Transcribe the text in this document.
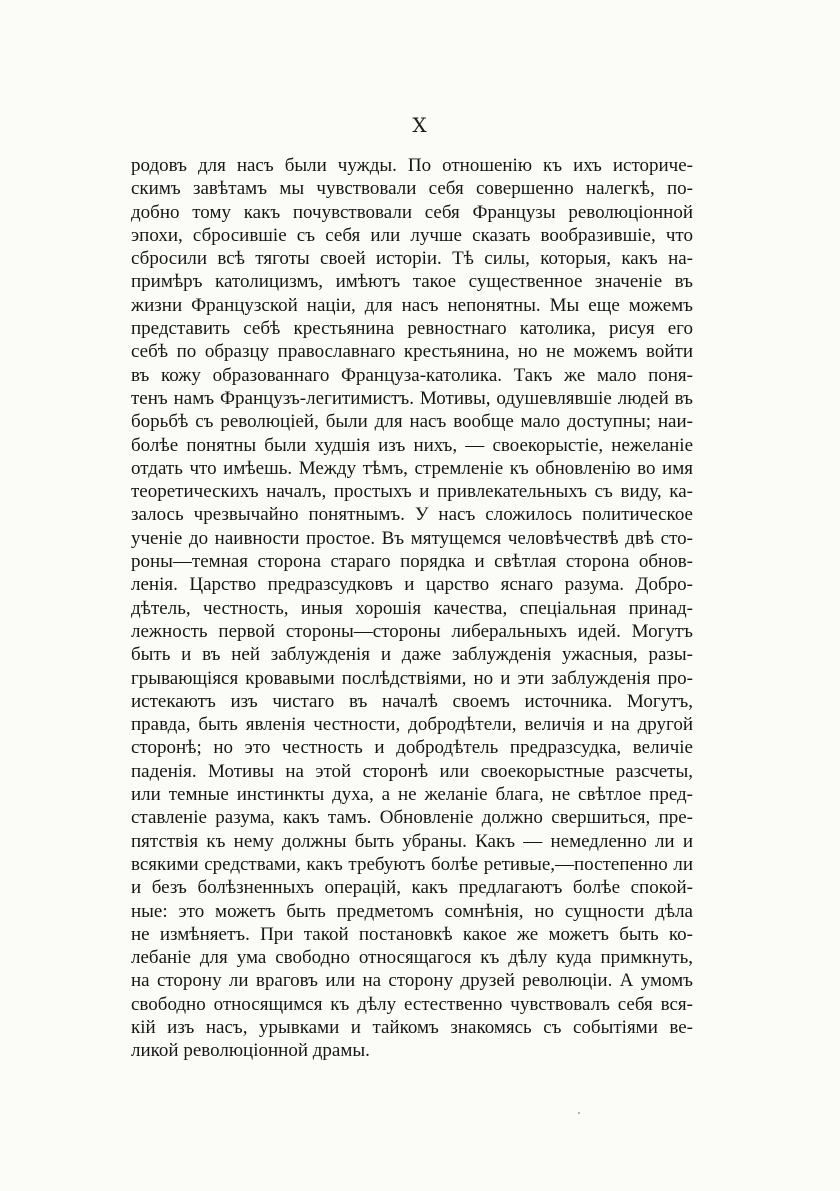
X
родовъ для насъ были чужды. По отношенію къ ихъ историче-
скимъ завѣтамъ мы чувствовали себя совершенно налегкѣ, по-
добно тому какъ почувствовали себя Французы революціонной
эпохи, сбросившіе съ себя или лучше сказать вообразившіе, что
сбросили всѣ тяготы своей исторіи. Тѣ силы, которыя, какъ на-
примѣръ католицизмъ, имѣютъ такое существенное значеніе въ
жизни Французской націи, для насъ непонятны. Мы еще можемъ
представить себѣ крестьянина ревностнаго католика, рисуя его
себѣ по образцу православнаго крестьянина, но не можемъ войти
въ кожу образованнаго Француза-католика. Такъ же мало поня-
тенъ намъ Французъ-легитимистъ. Мотивы, одушевлявшіе людей въ
борьбѣ съ революціей, были для насъ вообще мало доступны; наи-
болѣе понятны были худшія изъ нихъ, — своекорыстіе, нежеланіе
отдать что имѣешь. Между тѣмъ, стремленіе къ обновленію во имя
теоретическихъ началъ, простыхъ и привлекательныхъ съ виду, ка-
залось чрезвычайно понятнымъ. У насъ сложилось политическое
ученіе до наивности простое. Въ мятущемся человѣчествѣ двѣ сто-
роны—темная сторона стараго порядка и свѣтлая сторона обнов-
ленія. Царство предразсудковъ и царство яснаго разума. Добро-
дѣтель, честность, иныя хорошія качества, спеціальная принад-
лежность первой стороны—стороны либеральныхъ идей. Могутъ
быть и въ ней заблужденія и даже заблужденія ужасныя, разы-
грывающіяся кровавыми послѣдствіями, но и эти заблужденія про-
истекаютъ изъ чистаго въ началѣ своемъ источника. Могутъ,
правда, быть явленія честности, добродѣтели, величія и на другой
сторонѣ; но это честность и добродѣтель предразсудка, величіе
паденія. Мотивы на этой сторонѣ или своекорыстные разсчеты,
или темные инстинкты духа, а не желаніе блага, не свѣтлое пред-
ставленіе разума, какъ тамъ. Обновленіе должно свершиться, пре-
пятствія къ нему должны быть убраны. Какъ — немедленно ли и
всякими средствами, какъ требуютъ болѣе ретивые,—постепенно ли
и безъ болѣзненныхъ операцій, какъ предлагаютъ болѣе спокой-
ные: это можетъ быть предметомъ сомнѣнія, но сущности дѣла
не измѣняетъ. При такой постановкѣ какое же можетъ быть ко-
лебаніе для ума свободно относящагося къ дѣлу куда примкнуть,
на сторону ли враговъ или на сторону друзей революціи. А умомъ
свободно относящимся къ дѣлу естественно чувствовалъ себя вся-
кій изъ насъ, урывками и тайкомъ знакомясь съ событіями ве-
ликой революціонной драмы.
